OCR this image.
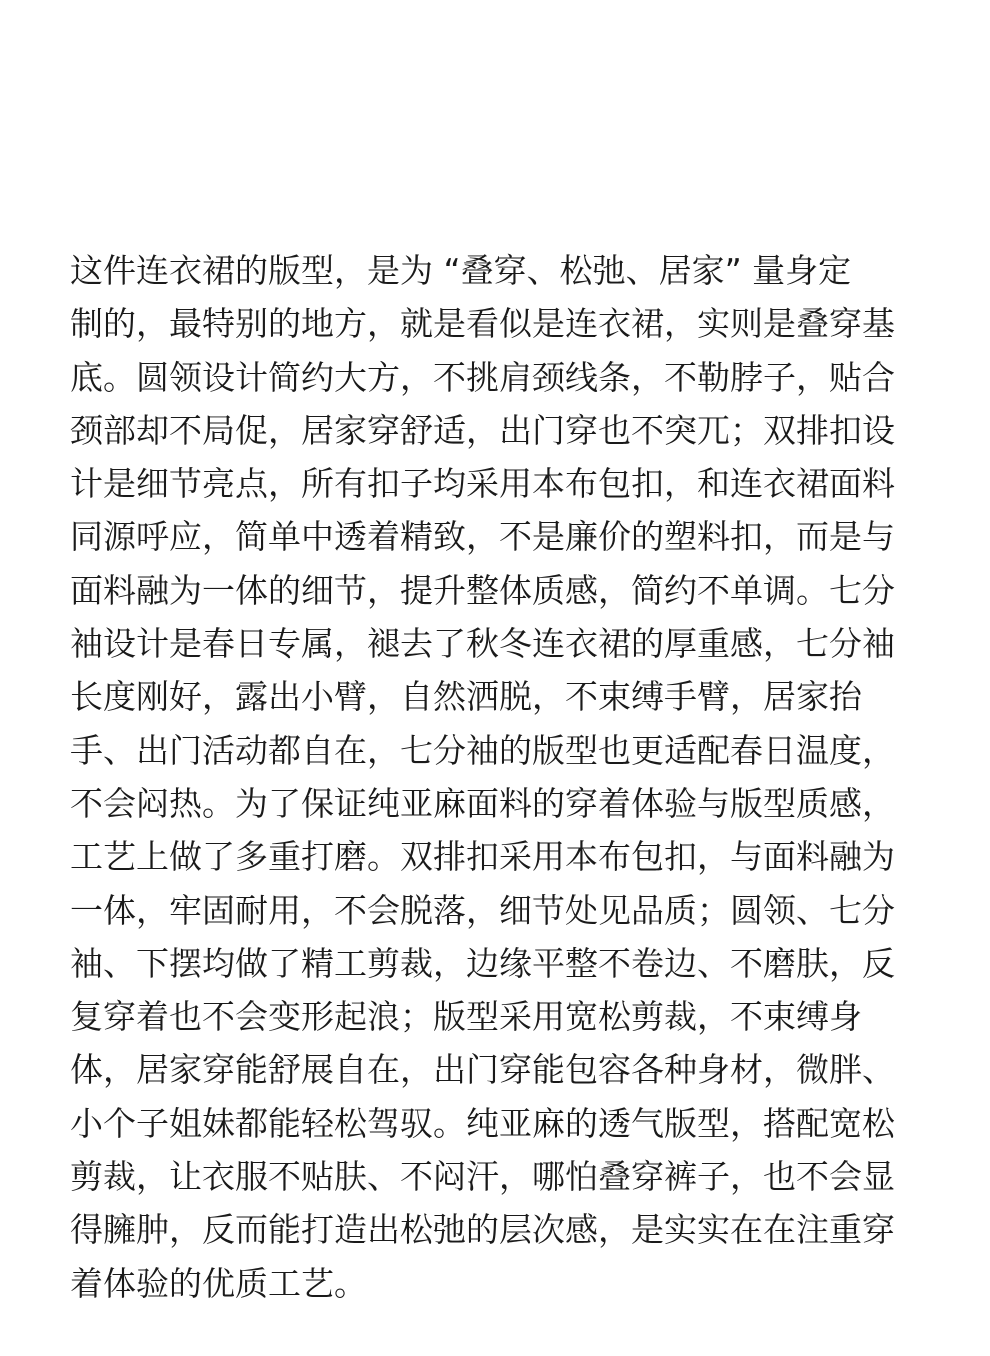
这件连衣裙的版型，是为 “叠穿、松弛、居家” 量身定
制的，最特别的地方，就是看似是连衣裙，实则是叠穿基
底。圆领设计简约大方，不挑肩颈线条，不勒脖子，贴合
颈部却不局促，居家穿舒适，出门穿也不突兀；双排扣设
计是细节亮点，所有扣子均采用本布包扣，和连衣裙面料
同源呼应，简单中透着精致，不是廉价的塑料扣，而是与
面料融为一体的细节，提升整体质感，简约不单调。七分
袖设计是春日专属，褪去了秋冬连衣裙的厚重感，七分袖
长度刚好，露出小臂，自然洒脱，不束缚手臂，居家抬
手、出门活动都自在，七分袖的版型也更适配春日温度，
不会闷热。为了保证纯亚麻面料的穿着体验与版型质感，
工艺上做了多重打磨。双排扣采用本布包扣，与面料融为
一体，牢固耐用，不会脱落，细节处见品质；圆领、七分
袖、下摆均做了精工剪裁，边缘平整不卷边、不磨肤，反
复穿着也不会变形起浪；版型采用宽松剪裁，不束缚身
体，居家穿能舒展自在，出门穿能包容各种身材，微胖、
小个子姐妹都能轻松驾驭。纯亚麻的透气版型，搭配宽松
剪裁，让衣服不贴肤、不闷汗，哪怕叠穿裤子，也不会显
得臃肿，反而能打造出松弛的层次感，是实实在在注重穿
着体验的优质工艺。
